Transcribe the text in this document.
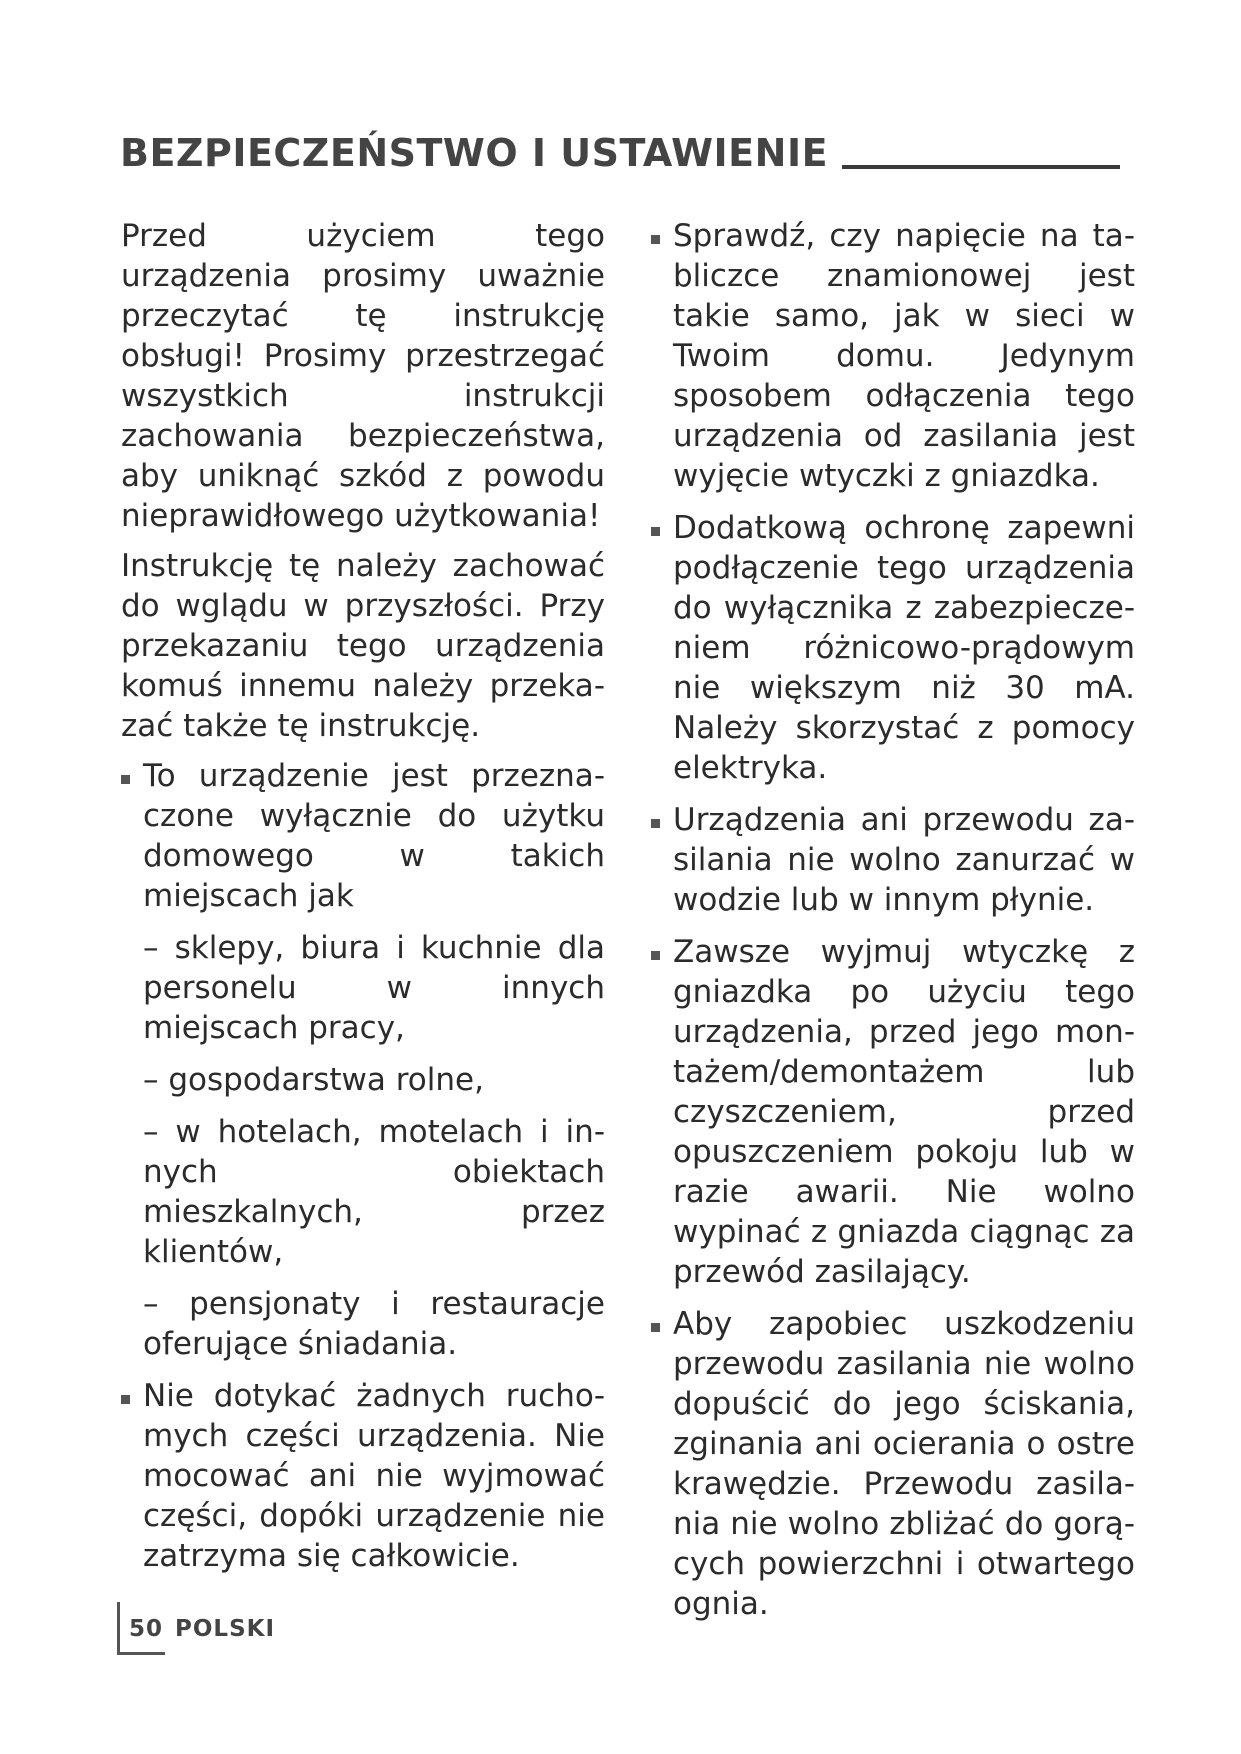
BEZPIECZEŃSTWO I USTAWIENIE

Przed użyciem tego urządzenia prosimy uważnie przeczytać tę instrukcję obsługi! Prosimy przestrzegać wszystkich instrukcji zachowania bezpieczeństwa, aby uniknąć szkód z powodu nieprawidłowego użytkowania!

Instrukcję tę należy zachować do wglądu w przyszłości. Przy przekazaniu tego urządzenia komuś innemu należy przekazać także tę instrukcję.

To urządzenie jest przeznaczone wyłącznie do użytku domowego w takich miejscach jak

– sklepy, biura i kuchnie dla personelu w innych miejscach pracy,

– gospodarstwa rolne,

– w hotelach, motelach i innych obiektach mieszkalnych, przez klientów,

– pensjonaty i restauracje oferujące śniadania.

Nie dotykać żadnych ruchomych części urządzenia. Nie mocować ani nie wyjmować części, dopóki urządzenie nie zatrzyma się całkowicie.
Sprawdź, czy napięcie na tabliczce znamionowej jest takie samo, jak w sieci w Twoim domu. Jedynym sposobem odłączenia tego urządzenia od zasilania jest wyjęcie wtyczki z gniazdka.
Dodatkową ochronę zapewni podłączenie tego urządzenia do wyłącznika z zabezpieczeniem różnicowo-prądowym nie większym niż 30 mA. Należy skorzystać z pomocy elektryka.
Urządzenia ani przewodu zasilania nie wolno zanurzać w wodzie lub w innym płynie.
Zawsze wyjmuj wtyczkę z gniazdka po użyciu tego urządzenia, przed jego montażem/demontażem lub czyszczeniem, przed opuszczeniem pokoju lub w razie awarii. Nie wolno wypinać z gniazda ciągnąc za przewód zasilający.
Aby zapobiec uszkodzeniu przewodu zasilania nie wolno dopuścić do jego ściskania, zginania ani ocierania o ostre krawędzie. Przewodu zasilania nie wolno zbliżać do gorących powierzchni i otwartego ognia.
50 POLSKI
